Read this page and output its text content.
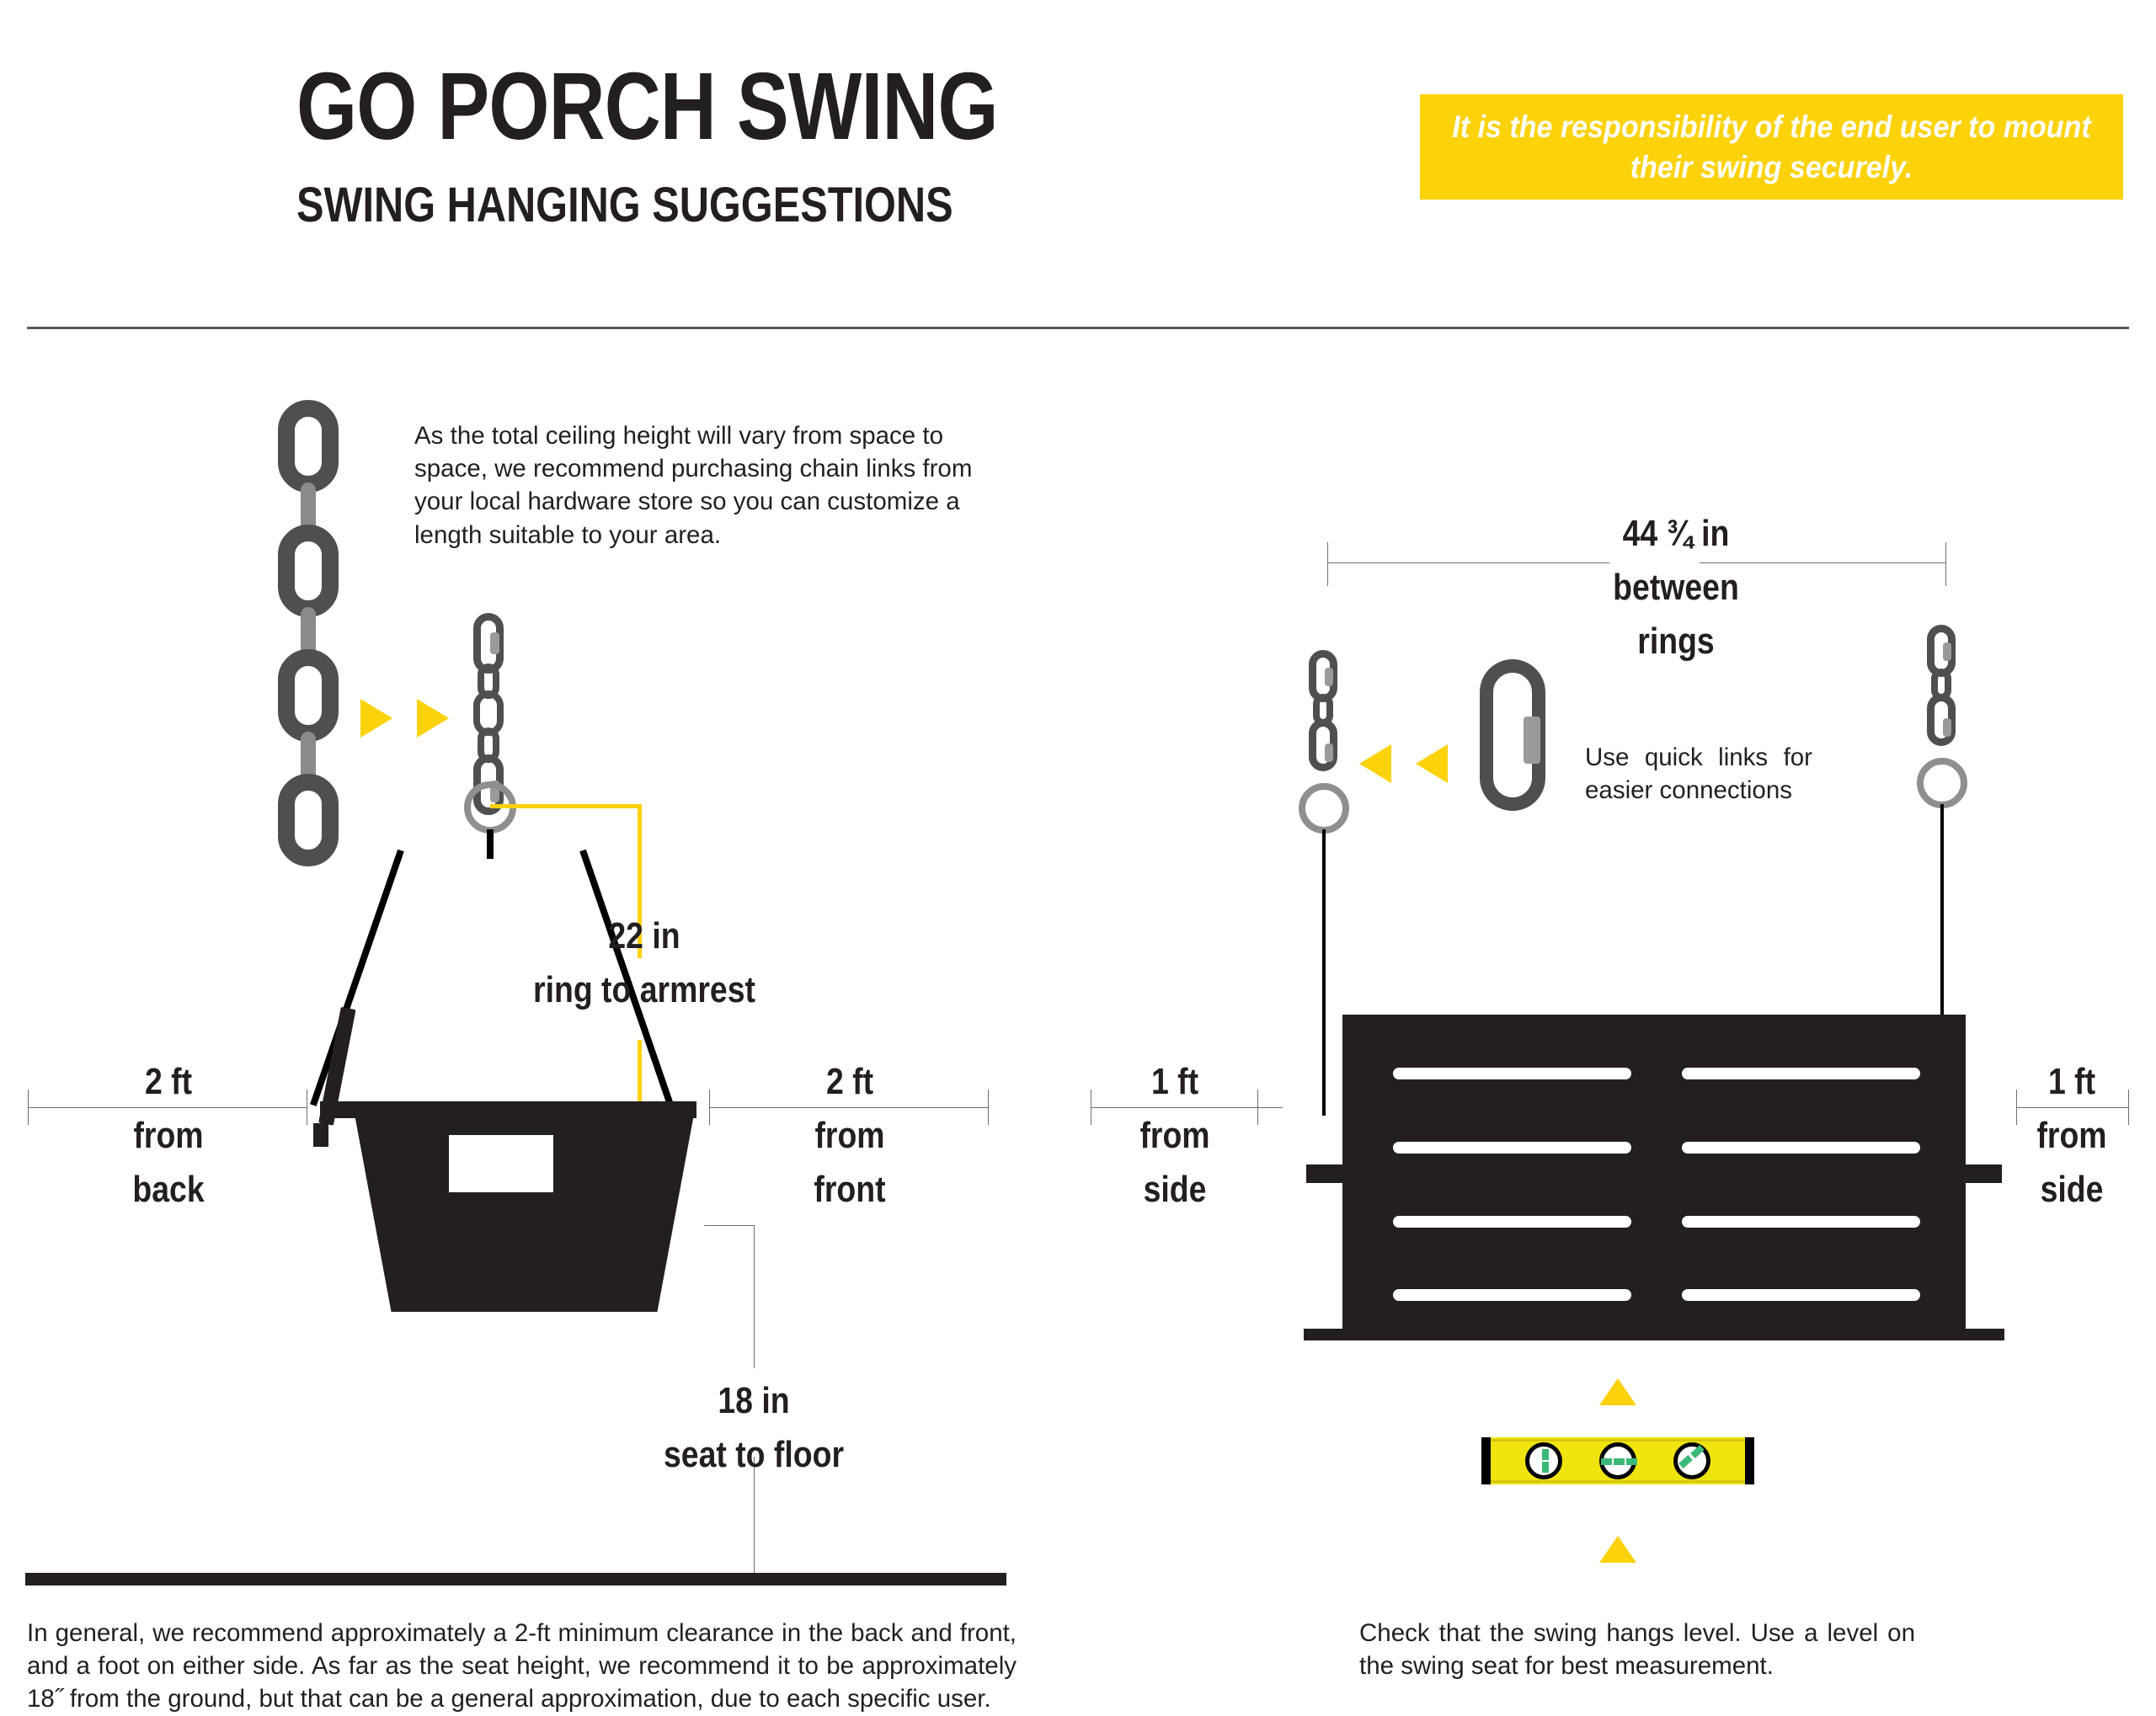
GO PORCH SWING
SWING HANGING SUGGESTIONS
It is the responsibility of the end user to mount their swing securely.
As the total ceiling height will vary from space to space, we recommend purchasing chain links from your local hardware store so you can customize a length suitable to your area.
22 in
ring to armrest
2 ft
from
back
2 ft
from
front
18 in
seat to floor
In general, we recommend approximately a 2-ft minimum clearance in the back and front, and a foot on either side. As far as the seat height, we recommend it to be approximately 18˝ from the ground, but that can be a general approximation, due to each specific user.
44 ¾ in
between
rings
Use quick links for easier connections
1 ft
from
side
1 ft
from
side
Check that the swing hangs level. Use a level on the swing seat for best measurement.
